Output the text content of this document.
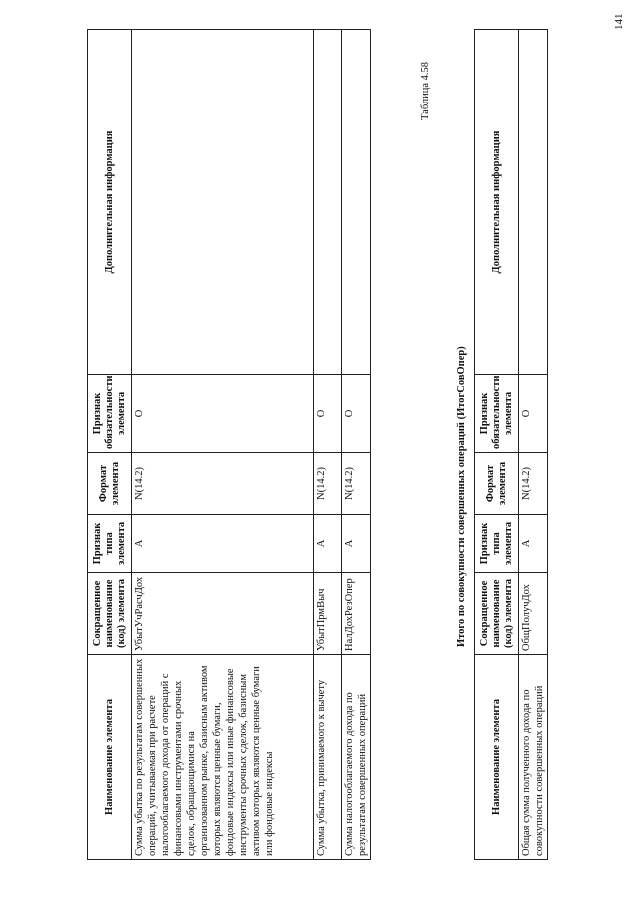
141
Наименование элемента	Сокращенное наименование (код) элемента	Признак типа элемента	Формат элемента	Признак обязательности элемента	Дополнительная информация
Сумма убытка по результатам совершенных операций, учитываемая при расчете налогооблагаемого дохода от операций с финансовыми инструментами срочных сделок, обращающимися на организованном рынке, базисным активом которых являются ценные бумаги, фондовые индексы или иные финансовые инструменты срочных сделок, базисным активом которых являются ценные бумаги или фондовые индексы	УбытУчРасчДох	А	N(14.2)	О	
Сумма убытка, принимаемого к вычету	УбытПрмВыч	А	N(14.2)	О	
Сумма налогооблагаемого дохода по результатам совершенных операций	НалДохРезОпер	А	N(14.2)	О	
Таблица 4.58
Итого по совокупности совершенных операций (ИтогСовОпер)
Наименование элемента	Сокращенное наименование (код) элемента	Признак типа элемента	Формат элемента	Признак обязательности элемента	Дополнительная информация
Общая сумма полученного дохода по совокупности совершенных операций	ОбщПолучДох	А	N(14.2)	О	
